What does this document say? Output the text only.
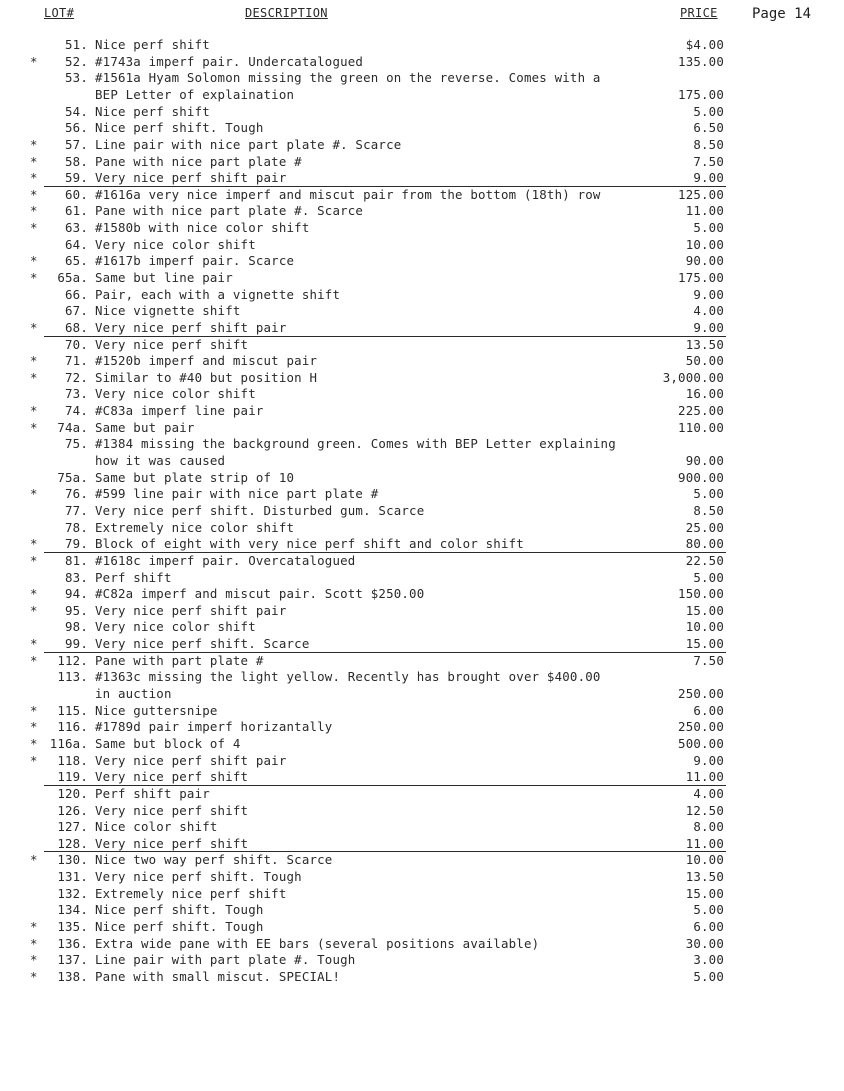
LOT#	DESCRIPTION	PRICE Page 14
51. Nice perf shift	$4.00
*	52. #1743a imperf pair. Undercatalogued	135.00
53. #1561a Hyam Solomon missing the green on the reverse. Comes with a
BEP Letter of explaination	175.00
54. Nice perf shift	5.00
56. Nice perf shift. Tough	6.50
*	57. Line pair with nice part plate #. Scarce	8.50
*	58. Pane with nice part plate #	7.50
*	59. Very nice perf shift pair	9.00
*	60. #1616a very nice imperf and miscut pair from the bottom (18th) row	125.00
*	61. Pane with nice part plate #. Scarce	11.00
*	63. #1580b with nice color shift	5.00
64. Very nice color shift	10.00
*	65. #1617b imperf pair. Scarce	90.00
*	65a. Same but line pair	175.00
66. Pair, each with a vignette shift	9.00
67. Nice vignette shift	4.00
*	68. Very nice perf shift pair	9.00
70. Very nice perf shift	13.50
*	71. #1520b imperf and miscut pair	50.00
*	72. Similar to #40 but position H	3,000.00
73. Very nice color shift	16.00
*	74. #C83a imperf line pair	225.00
*	74a. Same but pair	110.00
75. #1384 missing the background green. Comes with BEP Letter explaining
how it was caused	90.00
75a. Same but plate strip of 10	900.00
*	76. #599 line pair with nice part plate #	5.00
77. Very nice perf shift. Disturbed gum. Scarce	8.50
78. Extremely nice color shift	25.00
*	79. Block of eight with very nice perf shift and color shift	80.00
*	81. #1618c imperf pair. Overcatalogued	22.50
83. Perf shift	5.00
*	94. #C82a imperf and miscut pair. Scott $250.00	150.00
*	95. Very nice perf shift pair	15.00
98. Very nice color shift	10.00
*	99. Very nice perf shift. Scarce	15.00
*	112. Pane with part plate #	7.50
113. #1363c missing the light yellow. Recently has brought over $400.00
in auction	250.00
*	115. Nice guttersnipe	6.00
*	116. #1789d pair imperf horizantally	250.00
* 116a. Same but block of 4	500.00
*	118. Very nice perf shift pair	9.00
119. Very nice perf shift	11.00
120. Perf shift pair	4.00
126. Very nice perf shift	12.50
127. Nice color shift	8.00
128. Very nice perf shift	11.00
*	130. Nice two way perf shift. Scarce	10.00
131. Very nice perf shift. Tough	13.50
132. Extremely nice perf shift	15.00
134. Nice perf shift. Tough	5.00
*	135. Nice perf shift. Tough	6.00
*	136. Extra wide pane with EE bars (several positions available)	30.00
*	137. Line pair with part plate #. Tough	3.00
*	138. Pane with small miscut. SPECIAL!	5.00
